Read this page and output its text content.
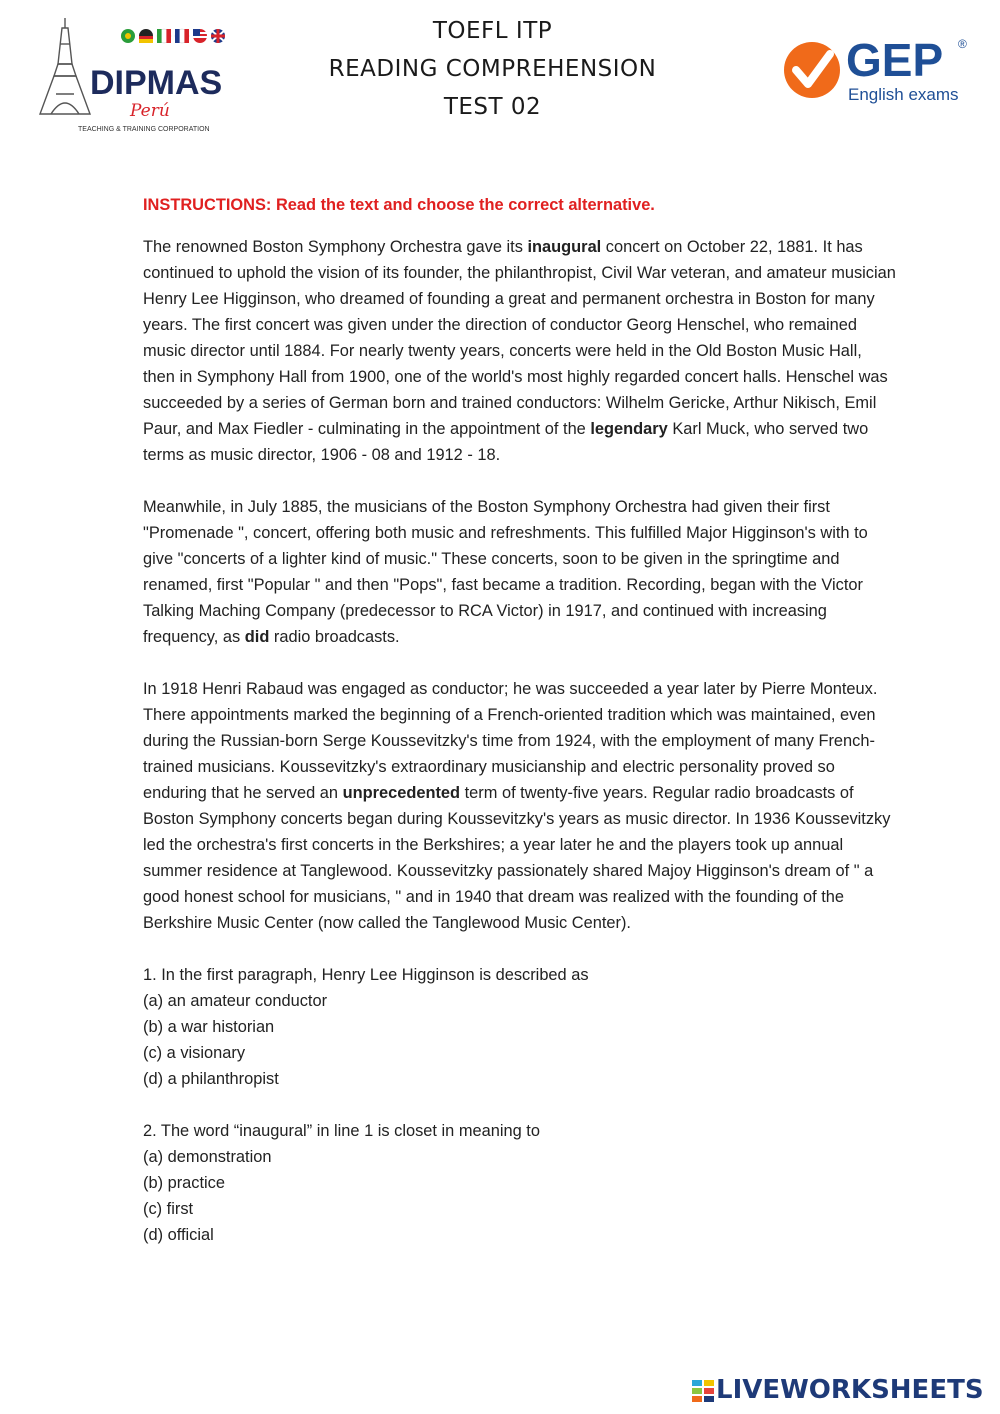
TOEFL ITP
READING COMPREHENSION
TEST 02
DIPMAS
Perú
TEACHING & TRAINING CORPORATION
GEP ®
English exams
INSTRUCTIONS: Read the text and choose the correct alternative.
The renowned Boston Symphony Orchestra gave its inaugural concert on October 22, 1881. It has continued to uphold the vision of its founder, the philanthropist, Civil War veteran, and amateur musician Henry Lee Higginson, who dreamed of founding a great and permanent orchestra in Boston for many years. The first concert was given under the direction of conductor Georg Henschel, who remained music director until 1884. For nearly twenty years, concerts were held in the Old Boston Music Hall, then in Symphony Hall from 1900, one of the world's most highly regarded concert halls. Henschel was succeeded by a series of German born and trained conductors: Wilhelm Gericke, Arthur Nikisch, Emil Paur, and Max Fiedler - culminating in the appointment of the legendary Karl Muck, who served two terms as music director, 1906 - 08 and 1912 - 18.
Meanwhile, in July 1885, the musicians of the Boston Symphony Orchestra had given their first "Promenade ", concert, offering both music and refreshments. This fulfilled Major Higginson's with to give "concerts of a lighter kind of music." These concerts, soon to be given in the springtime and renamed, first "Popular " and then "Pops", fast became a tradition. Recording, began with the Victor Talking Maching Company (predecessor to RCA Victor) in 1917, and continued with increasing frequency, as did radio broadcasts.
In 1918 Henri Rabaud was engaged as conductor; he was succeeded a year later by Pierre Monteux. There appointments marked the beginning of a French-oriented tradition which was maintained, even during the Russian-born Serge Koussevitzky's time from 1924, with the employment of many French-trained musicians. Koussevitzky's extraordinary musicianship and electric personality proved so enduring that he served an unprecedented term of twenty-five years. Regular radio broadcasts of Boston Symphony concerts began during Koussevitzky's years as music director. In 1936 Koussevitzky led the orchestra's first concerts in the Berkshires; a year later he and the players took up annual summer residence at Tanglewood. Koussevitzky passionately shared Majoy Higginson's dream of " a good honest school for musicians, " and in 1940 that dream was realized with the founding of the Berkshire Music Center (now called the Tanglewood Music Center).
1. In the first paragraph, Henry Lee Higginson is described as
(a) an amateur conductor
(b) a war historian
(c) a visionary
(d) a philanthropist
2. The word “inaugural” in line 1 is closet in meaning to
(a) demonstration
(b) practice
(c) first
(d) official
LIVEWORKSHEETS
